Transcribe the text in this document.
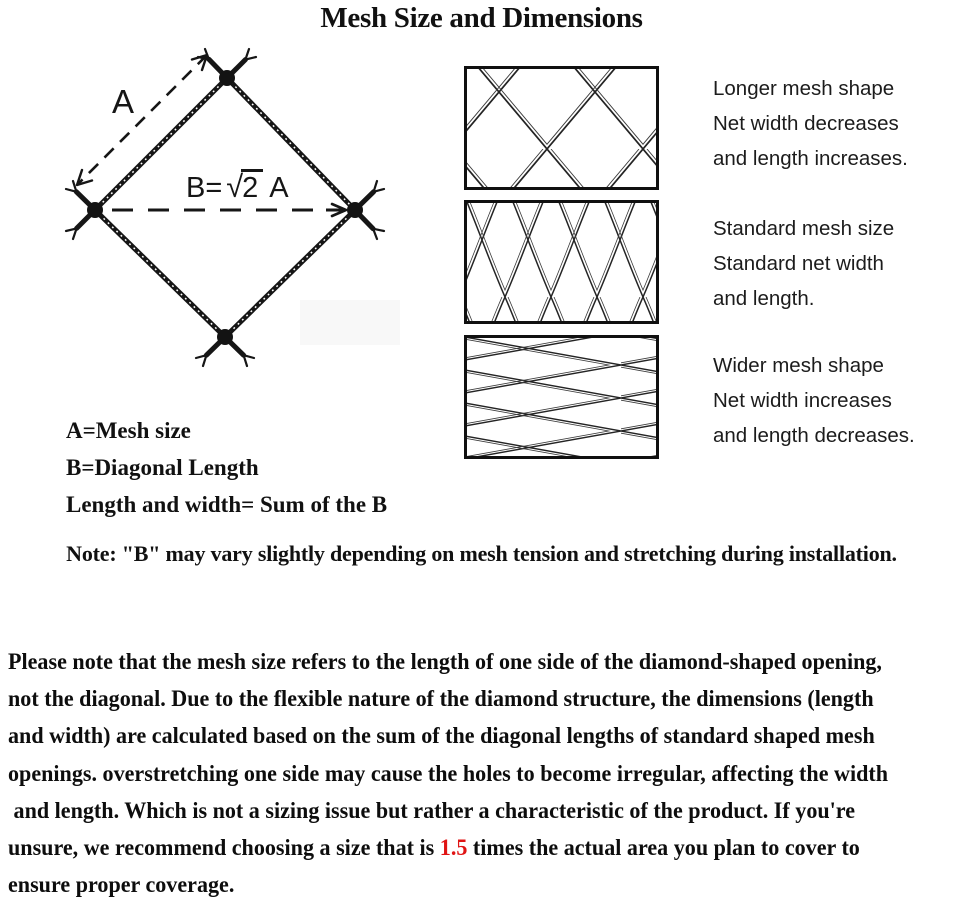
Mesh Size and Dimensions
A
B= √2 A
Longer mesh shape
Net width decreases
and length increases.
Standard mesh size
Standard net width
and length.
Wider mesh shape
Net width increases
and length decreases.
A=Mesh size
B=Diagonal Length
Length and width= Sum of the B
Note: "B" may vary slightly depending on mesh tension and stretching during installation.
Please note that the mesh size refers to the length of one side of the diamond-shaped opening,
not the diagonal. Due to the flexible nature of the diamond structure, the dimensions (length
and width) are calculated based on the sum of the diagonal lengths of standard shaped mesh
openings. overstretching one side may cause the holes to become irregular, affecting the width
and length. Which is not a sizing issue but rather a characteristic of the product. If you're
unsure, we recommend choosing a size that is 1.5 times the actual area you plan to cover to
ensure proper coverage.
